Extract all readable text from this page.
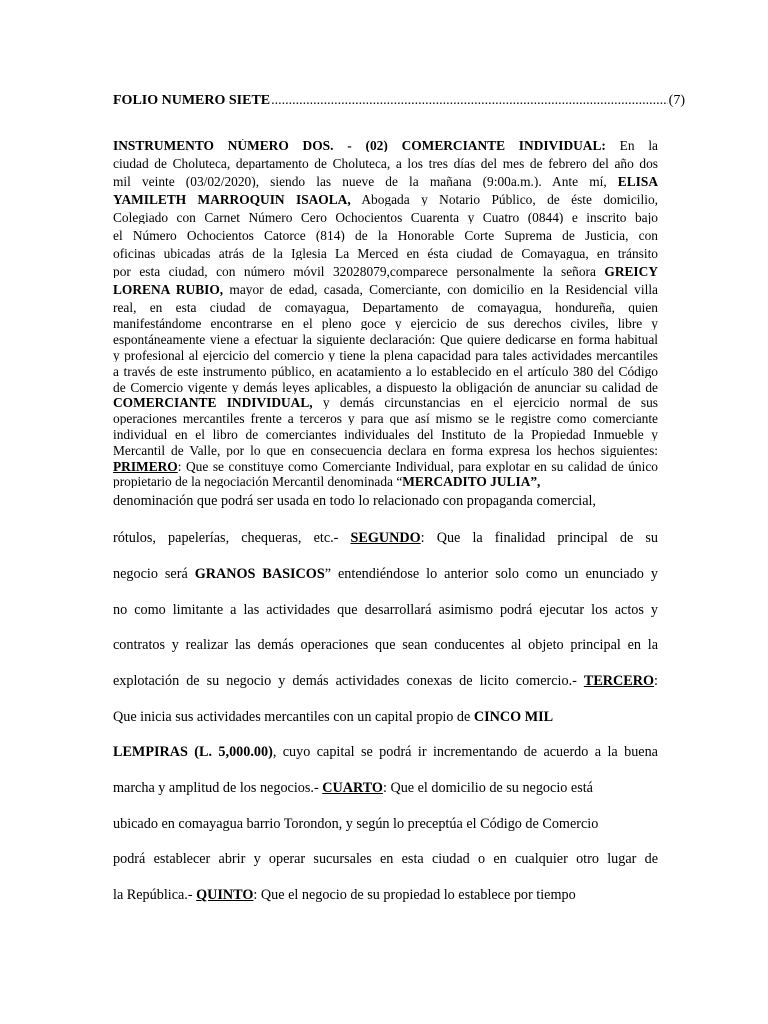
FOLIO NUMERO SIETE
.....	(7)
INSTRUMENTO NÚMERO DOS. - (02) COMERCIANTE INDIVIDUAL: En la
ciudad de Choluteca, departamento de Choluteca, a los tres días del mes de febrero del año dos
mil veinte (03/02/2020), siendo las nueve de la mañana (9:00a.m.). Ante mí, ELISA
YAMILETH MARROQUIN ISAOLA, Abogada y Notario Público, de éste domicilio,
Colegiado con Carnet Número Cero Ochocientos Cuarenta y Cuatro (0844) e inscrito bajo
el Número Ochocientos Catorce (814) de la Honorable Corte Suprema de Justicia, con
oficinas ubicadas atrás de la Iglesia La Merced en ésta ciudad de Comayagua, en tránsito
por esta ciudad, con número móvil 32028079,comparece personalmente la señora GREICY
LORENA RUBIO, mayor de edad, casada, Comerciante, con domicilio en la Residencial villa
real, en esta ciudad de comayagua, Departamento de comayagua, hondureña, quien
manifestándome encontrarse en el pleno goce y ejercicio de sus derechos civiles, libre y
espontáneamente viene a efectuar la siguiente declaración: Que quiere dedicarse en forma habitual
y profesional al ejercicio del comercio y tiene la plena capacidad para tales actividades mercantiles
a través de este instrumento público, en acatamiento a lo establecido en el artículo 380 del Código
de Comercio vigente y demás leyes aplicables, a dispuesto la obligación de anunciar su calidad de
COMERCIANTE INDIVIDUAL, y demás circunstancias en el ejercicio normal de sus
operaciones mercantiles frente a terceros y para que así mismo se le registre como comerciante
individual en el libro de comerciantes individuales del Instituto de la Propiedad Inmueble y
Mercantil de Valle, por lo que en consecuencia declara en forma expresa los hechos siguientes:
PRIMERO: Que se constituye como Comerciante Individual, para explotar en su calidad de único
propietario de la negociación Mercantil denominada “MERCADITO JULIA”,
denominación que podrá ser usada en todo lo relacionado con propaganda comercial,
rótulos, papelerías, chequeras, etc.- SEGUNDO: Que la finalidad principal de su
negocio será GRANOS BASICOS” entendiéndose lo anterior solo como un enunciado y
no como limitante a las actividades que desarrollará asimismo podrá ejecutar los actos y
contratos y realizar las demás operaciones que sean conducentes al objeto principal en la
explotación de su negocio y demás actividades conexas de licito comercio.- TERCERO:
Que inicia sus actividades mercantiles con un capital propio de CINCO MIL
LEMPIRAS (L. 5,000.00), cuyo capital se podrá ir incrementando de acuerdo a la buena
marcha y amplitud de los negocios.- CUARTO: Que el domicilio de su negocio está
ubicado en comayagua barrio Torondon, y según lo preceptúa el Código de Comercio
podrá establecer abrir y operar sucursales en esta ciudad o en cualquier otro lugar de
la República.- QUINTO: Que el negocio de su propiedad lo establece por tiempo
